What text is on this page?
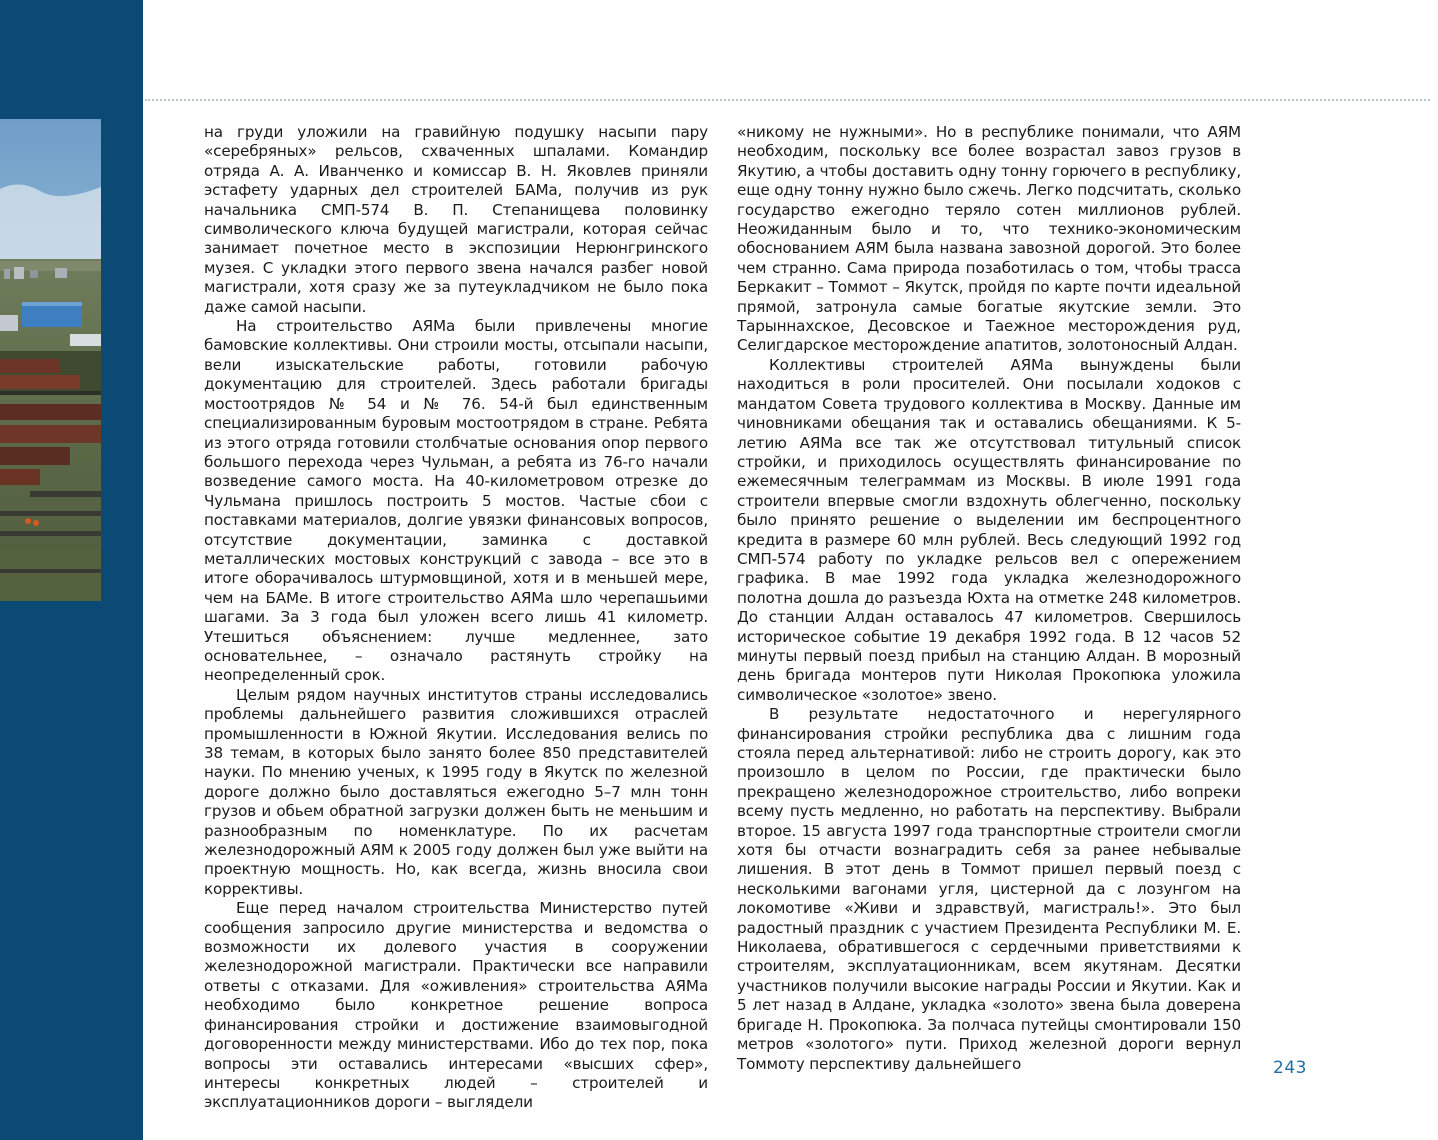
на груди уложили на гравийную подушку насыпи пару «серебряных» рельсов, схваченных шпалами. Командир отряда А. А. Иванченко и комиссар В. Н. Яковлев приняли эстафету ударных дел строителей БАМа, получив из рук начальника СМП-574 В. П. Степанищева половинку символического ключа будущей магистрали, которая сейчас занимает почетное место в экспозиции Нерюнгринского музея. С укладки этого первого звена начался разбег новой магистрали, хотя сразу же за путеукладчиком не было пока даже самой насыпи.

На строительство АЯМа были привлечены многие бамовские коллективы. Они строили мосты, отсыпали насыпи, вели изыскательские работы, готовили рабочую документацию для строителей. Здесь работали бригады мостоотрядов № 54 и № 76. 54-й был единственным специализированным буровым мостоотрядом в стране. Ребята из этого отряда готовили столбчатые основания опор первого большого перехода через Чульман, а ребята из 76-го начали возведение самого моста. На 40-километровом отрезке до Чульмана пришлось построить 5 мостов. Частые сбои с поставками материалов, долгие увязки финансовых вопросов, отсутствие документации, заминка с доставкой металлических мостовых конструкций с завода – все это в итоге оборачивалось штурмовщиной, хотя и в меньшей мере, чем на БАМе. В итоге строительство АЯМа шло черепашьими шагами. За 3 года был уложен всего лишь 41 километр. Утешиться объяснением: лучше медленнее, зато основательнее, – означало растянуть стройку на неопределенный срок.

Целым рядом научных институтов страны исследовались проблемы дальнейшего развития сложившихся отраслей промышленности в Южной Якутии. Исследования велись по 38 темам, в которых было занято более 850 представителей науки. По мнению ученых, к 1995 году в Якутск по железной дороге должно было доставляться ежегодно 5–7 млн тонн грузов и обьем обратной загрузки должен быть не меньшим и разнообразным по номенклатуре. По их расчетам железнодорожный АЯМ к 2005 году должен был уже выйти на проектную мощность. Но, как всегда, жизнь вносила свои коррективы.

Еще перед началом строительства Министерство путей сообщения запросило другие министерства и ведомства о возможности их долевого участия в сооружении железнодорожной магистрали. Практически все направили ответы с отказами. Для «оживления» строительства АЯМа необходимо было конкретное решение вопроса финансирования стройки и достижение взаимовыгодной договоренности между министерствами. Ибо до тех пор, пока вопросы эти оставались интересами «высших сфер», интересы конкретных людей – строителей и эксплуатационников дороги – выглядели

«никому не нужными». Но в республике понимали, что АЯМ необходим, поскольку все более возрастал завоз грузов в Якутию, а чтобы доставить одну тонну горючего в республику, еще одну тонну нужно было сжечь. Легко подсчитать, сколько государство ежегодно теряло сотен миллионов рублей. Неожиданным было и то, что технико-экономическим обоснованием АЯМ была названа завозной дорогой. Это более чем странно. Сама природа позаботилась о том, чтобы трасса Беркакит – Томмот – Якутск, пройдя по карте почти идеальной прямой, затронула самые богатые якутские земли. Это Тарыннахское, Десовское и Таежное месторождения руд, Селигдарское месторождение апатитов, золотоносный Алдан.

Коллективы строителей АЯМа вынуждены были находиться в роли просителей. Они посылали ходоков с мандатом Совета трудового коллектива в Москву. Данные им чиновниками обещания так и оставались обещаниями. К 5-летию АЯМа все так же отсутствовал титульный список стройки, и приходилось осуществлять финансирование по ежемесячным телеграммам из Москвы. В июле 1991 года строители впервые смогли вздохнуть облегченно, поскольку было принято решение о выделении им беспроцентного кредита в размере 60 млн рублей. Весь следующий 1992 год СМП-574 работу по укладке рельсов вел с опережением графика. В мае 1992 года укладка железнодорожного полотна дошла до разъезда Юхта на отметке 248 километров. До станции Алдан оставалось 47 километров. Свершилось историческое событие 19 декабря 1992 года. В 12 часов 52 минуты первый поезд прибыл на станцию Алдан. В морозный день бригада монтеров пути Николая Прокопюка уложила символическое «золотое» звено.

В результате недостаточного и нерегулярного финансирования стройки республика два с лишним года стояла перед альтернативой: либо не строить дорогу, как это произошло в целом по России, где практически было прекращено железнодорожное строительство, либо вопреки всему пусть медленно, но работать на перспективу. Выбрали второе. 15 августа 1997 года транспортные строители смогли хотя бы отчасти вознаградить себя за ранее небывалые лишения. В этот день в Томмот пришел первый поезд с несколькими вагонами угля, цистерной да с лозунгом на локомотиве «Живи и здравствуй, магистраль!». Это был радостный праздник с участием Президента Республики М. Е. Николаева, обратившегося с сердечными приветствиями к строителям, эксплуатационникам, всем якутянам. Десятки участников получили высокие награды России и Якутии. Как и 5 лет назад в Алдане, укладка «золото» звена была доверена бригаде Н. Прокопюка. За полчаса путейцы смонтировали 150 метров «золотого» пути. Приход железной дороги вернул Томмоту перспективу дальнейшего	243
